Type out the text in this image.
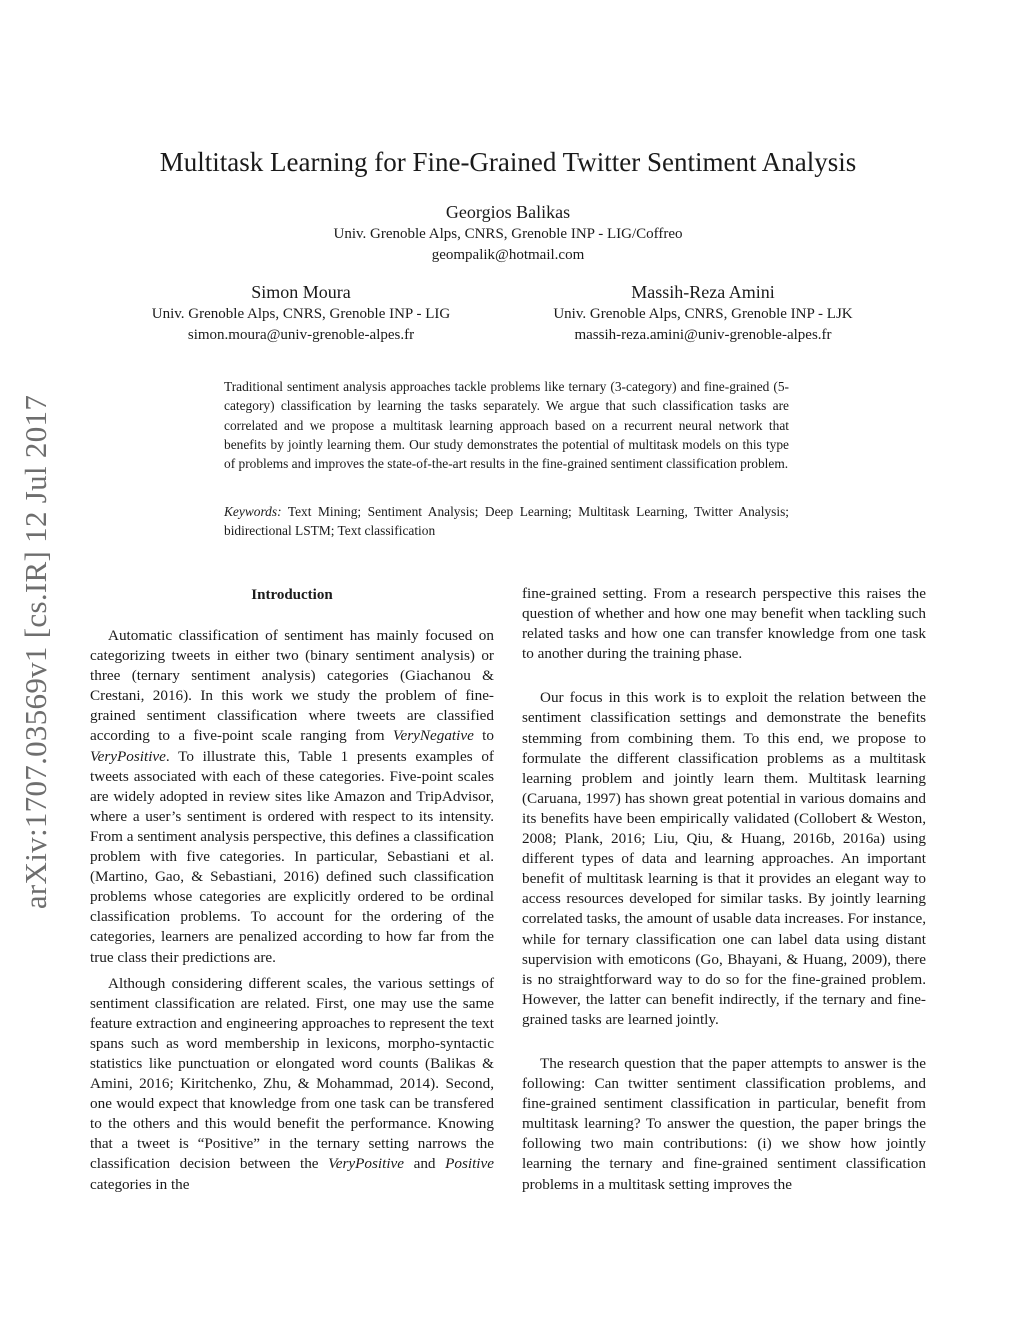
arXiv:1707.03569v1 [cs.IR] 12 Jul 2017
Multitask Learning for Fine-Grained Twitter Sentiment Analysis
Georgios Balikas
Univ. Grenoble Alps, CNRS, Grenoble INP - LIG/Coffreo
geompalik@hotmail.com
Simon Moura
Univ. Grenoble Alps, CNRS, Grenoble INP - LIG
simon.moura@univ-grenoble-alpes.fr
Massih-Reza Amini
Univ. Grenoble Alps, CNRS, Grenoble INP - LJK
massih-reza.amini@univ-grenoble-alpes.fr
Traditional sentiment analysis approaches tackle problems like ternary (3-category) and fine-grained (5-category) classification by learning the tasks separately. We argue that such classification tasks are correlated and we propose a multitask learning approach based on a recurrent neural network that benefits by jointly learning them. Our study demonstrates the potential of multitask models on this type of problems and improves the state-of-the-art results in the fine-grained sentiment classification problem.
Keywords: Text Mining; Sentiment Analysis; Deep Learning; Multitask Learning, Twitter Analysis; bidirectional LSTM; Text classification
Introduction

Automatic classification of sentiment has mainly focused on categorizing tweets in either two (binary sentiment analysis) or three (ternary sentiment analysis) categories (Giachanou & Crestani, 2016). In this work we study the problem of fine-grained sentiment classification where tweets are classified according to a five-point scale ranging from VeryNegative to VeryPositive. To illustrate this, Table 1 presents examples of tweets associated with each of these categories. Five-point scales are widely adopted in review sites like Amazon and TripAdvisor, where a user’s sentiment is ordered with respect to its intensity. From a sentiment analysis perspective, this defines a classification problem with five categories. In particular, Sebastiani et al. (Martino, Gao, & Sebastiani, 2016) defined such classification problems whose categories are explicitly ordered to be ordinal classification problems. To account for the ordering of the categories, learners are penalized according to how far from the true class their predictions are.

Although considering different scales, the various settings of sentiment classification are related. First, one may use the same feature extraction and engineering approaches to represent the text spans such as word membership in lexicons, morpho-syntactic statistics like punctuation or elongated word counts (Balikas & Amini, 2016; Kiritchenko, Zhu, & Mohammad, 2014). Second, one would expect that knowledge from one task can be transfered to the others and this would benefit the performance. Knowing that a tweet is “Positive” in the ternary setting narrows the classification decision between the VeryPositive and Positive categories in the

fine-grained setting. From a research perspective this raises the question of whether and how one may benefit when tackling such related tasks and how one can transfer knowledge from one task to another during the training phase.

Our focus in this work is to exploit the relation between the sentiment classification settings and demonstrate the benefits stemming from combining them. To this end, we propose to formulate the different classification problems as a multitask learning problem and jointly learn them. Multitask learning (Caruana, 1997) has shown great potential in various domains and its benefits have been empirically validated (Collobert & Weston, 2008; Plank, 2016; Liu, Qiu, & Huang, 2016b, 2016a) using different types of data and learning approaches. An important benefit of multitask learning is that it provides an elegant way to access resources developed for similar tasks. By jointly learning correlated tasks, the amount of usable data increases. For instance, while for ternary classification one can label data using distant supervision with emoticons (Go, Bhayani, & Huang, 2009), there is no straightforward way to do so for the fine-grained problem. However, the latter can benefit indirectly, if the ternary and fine-grained tasks are learned jointly.

The research question that the paper attempts to answer is the following: Can twitter sentiment classification problems, and fine-grained sentiment classification in particular, benefit from multitask learning? To answer the question, the paper brings the following two main contributions: (i) we show how jointly learning the ternary and fine-grained sentiment classification problems in a multitask setting improves the
